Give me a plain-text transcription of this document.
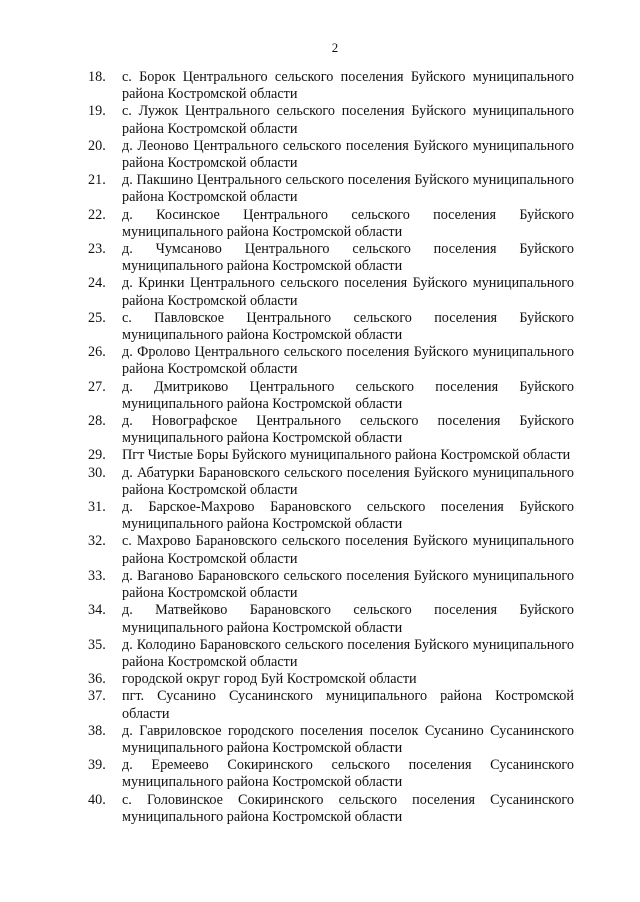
2
18.	с. Борок Центрального сельского поселения Буйского муниципального района Костромской области
19.	с. Лужок Центрального сельского поселения Буйского муниципального района Костромской области
20.	д. Леоново Центрального сельского поселения Буйского муниципального района Костромской области
21.	д. Пакшино Центрального сельского поселения Буйского муниципального района Костромской области
22.	д. Косинское Центрального сельского поселения Буйского муниципального района Костромской области
23.	д. Чумсаново Центрального сельского поселения Буйского муниципального района Костромской области
24.	д. Кринки Центрального сельского поселения Буйского муниципального района Костромской области
25.	с. Павловское Центрального сельского поселения Буйского муниципального района Костромской области
26.	д. Фролово Центрального сельского поселения Буйского муниципального района Костромской области
27.	д. Дмитриково Центрального сельского поселения Буйского муниципального района Костромской области
28.	д. Новографское Центрального сельского поселения Буйского муниципального района Костромской области
29.	Пгт Чистые Боры Буйского муниципального района Костромской области
30.	д. Абатурки Барановского сельского поселения Буйского муниципального района Костромской области
31.	д. Барское-Махрово Барановского сельского поселения Буйского муниципального района Костромской области
32.	с. Махрово Барановского сельского поселения Буйского муниципального района Костромской области
33.	д. Ваганово Барановского сельского поселения Буйского муниципального района Костромской области
34.	д. Матвейково Барановского сельского поселения Буйского муниципального района Костромской области
35.	д. Колодино Барановского сельского поселения Буйского муниципального района Костромской области
36.	городской округ город Буй Костромской области
37.	пгт. Сусанино Сусанинского муниципального района Костромской области
38.	д. Гавриловское городского поселения поселок Сусанино Сусанинского муниципального района Костромской области
39.	д. Еремеево Сокиринского сельского поселения Сусанинского муниципального района Костромской области
40.	с. Головинское Сокиринского сельского поселения Сусанинского муниципального района Костромской области
